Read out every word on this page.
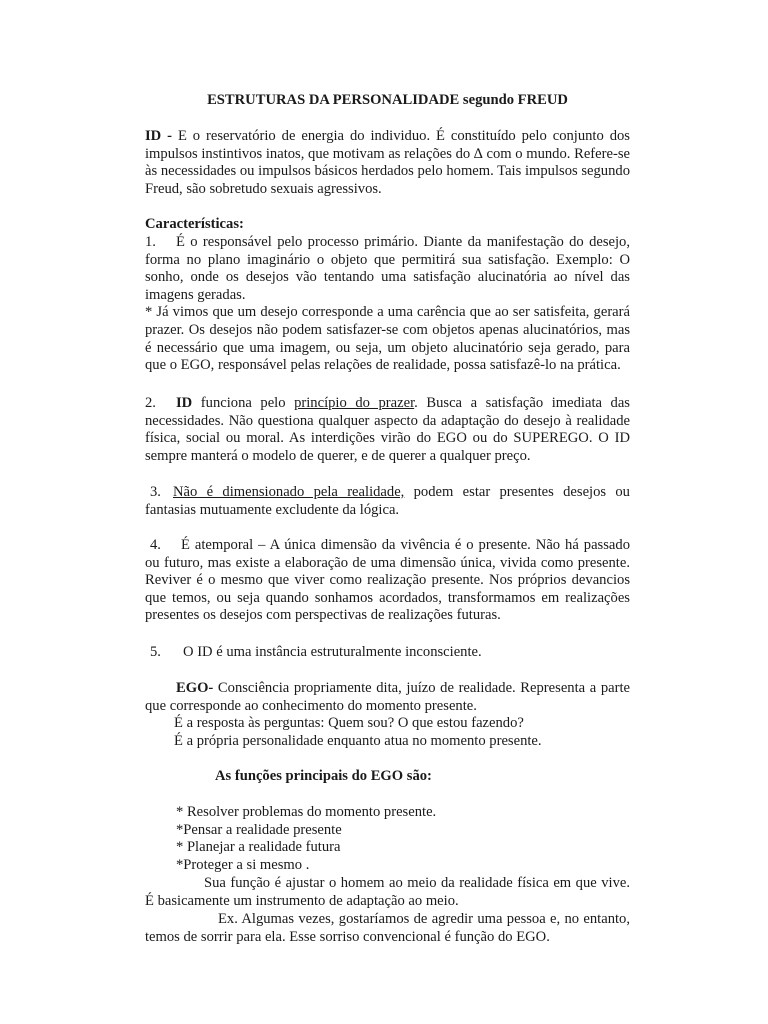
ESTRUTURAS DA PERSONALIDADE segundo FREUD

ID - E o reservatório de energia do individuo. É constituído pelo conjunto dos impulsos instintivos inatos, que motivam as relações do ∆ com o mundo. Refere-se às necessidades ou impulsos básicos herdados pelo homem. Tais impulsos segundo Freud, são sobretudo sexuais agressivos.

Características:

1. É o responsável pelo processo primário. Diante da manifestação do desejo, forma no plano imaginário o objeto que permitirá sua satisfação. Exemplo: O sonho, onde os desejos vão tentando uma satisfação alucinatória ao nível das imagens geradas.

* Já vimos que um desejo corresponde a uma carência que ao ser satisfeita, gerará prazer. Os desejos não podem satisfazer-se com objetos apenas alucinatórios, mas é necessário que uma imagem, ou seja, um objeto alucinatório seja gerado, para que o EGO, responsável pelas relações de realidade, possa satisfazê-lo na prática.

2. ID funciona pelo princípio do prazer. Busca a satisfação imediata das necessidades. Não questiona qualquer aspecto da adaptação do desejo à realidade física, social ou moral. As interdições virão do EGO ou do SUPEREGO. O ID sempre manterá o modelo de querer, e de querer a qualquer preço.

3. Não é dimensionado pela realidade, podem estar presentes desejos ou fantasias mutuamente excludente da lógica.

4. É atemporal – A única dimensão da vivência é o presente. Não há passado ou futuro, mas existe a elaboração de uma dimensão única, vivida como presente. Reviver é o mesmo que viver como realização presente. Nos próprios devancios que temos, ou seja quando sonhamos acordados, transformamos em realizações presentes os desejos com perspectivas de realizações futuras.

5. O ID é uma instância estruturalmente inconsciente.

EGO- Consciência propriamente dita, juízo de realidade. Representa a parte que corresponde ao conhecimento do momento presente.

É a resposta às perguntas: Quem sou? O que estou fazendo?

É a própria personalidade enquanto atua no momento presente.

As funções principais do EGO são:

* Resolver problemas do momento presente.

*Pensar a realidade presente

* Planejar a realidade futura

*Proteger a si mesmo .

Sua função é ajustar o homem ao meio da realidade física em que vive. É basicamente um instrumento de adaptação ao meio.

Ex. Algumas vezes, gostaríamos de agredir uma pessoa e, no entanto, temos de sorrir para ela. Esse sorriso convencional é função do EGO.
